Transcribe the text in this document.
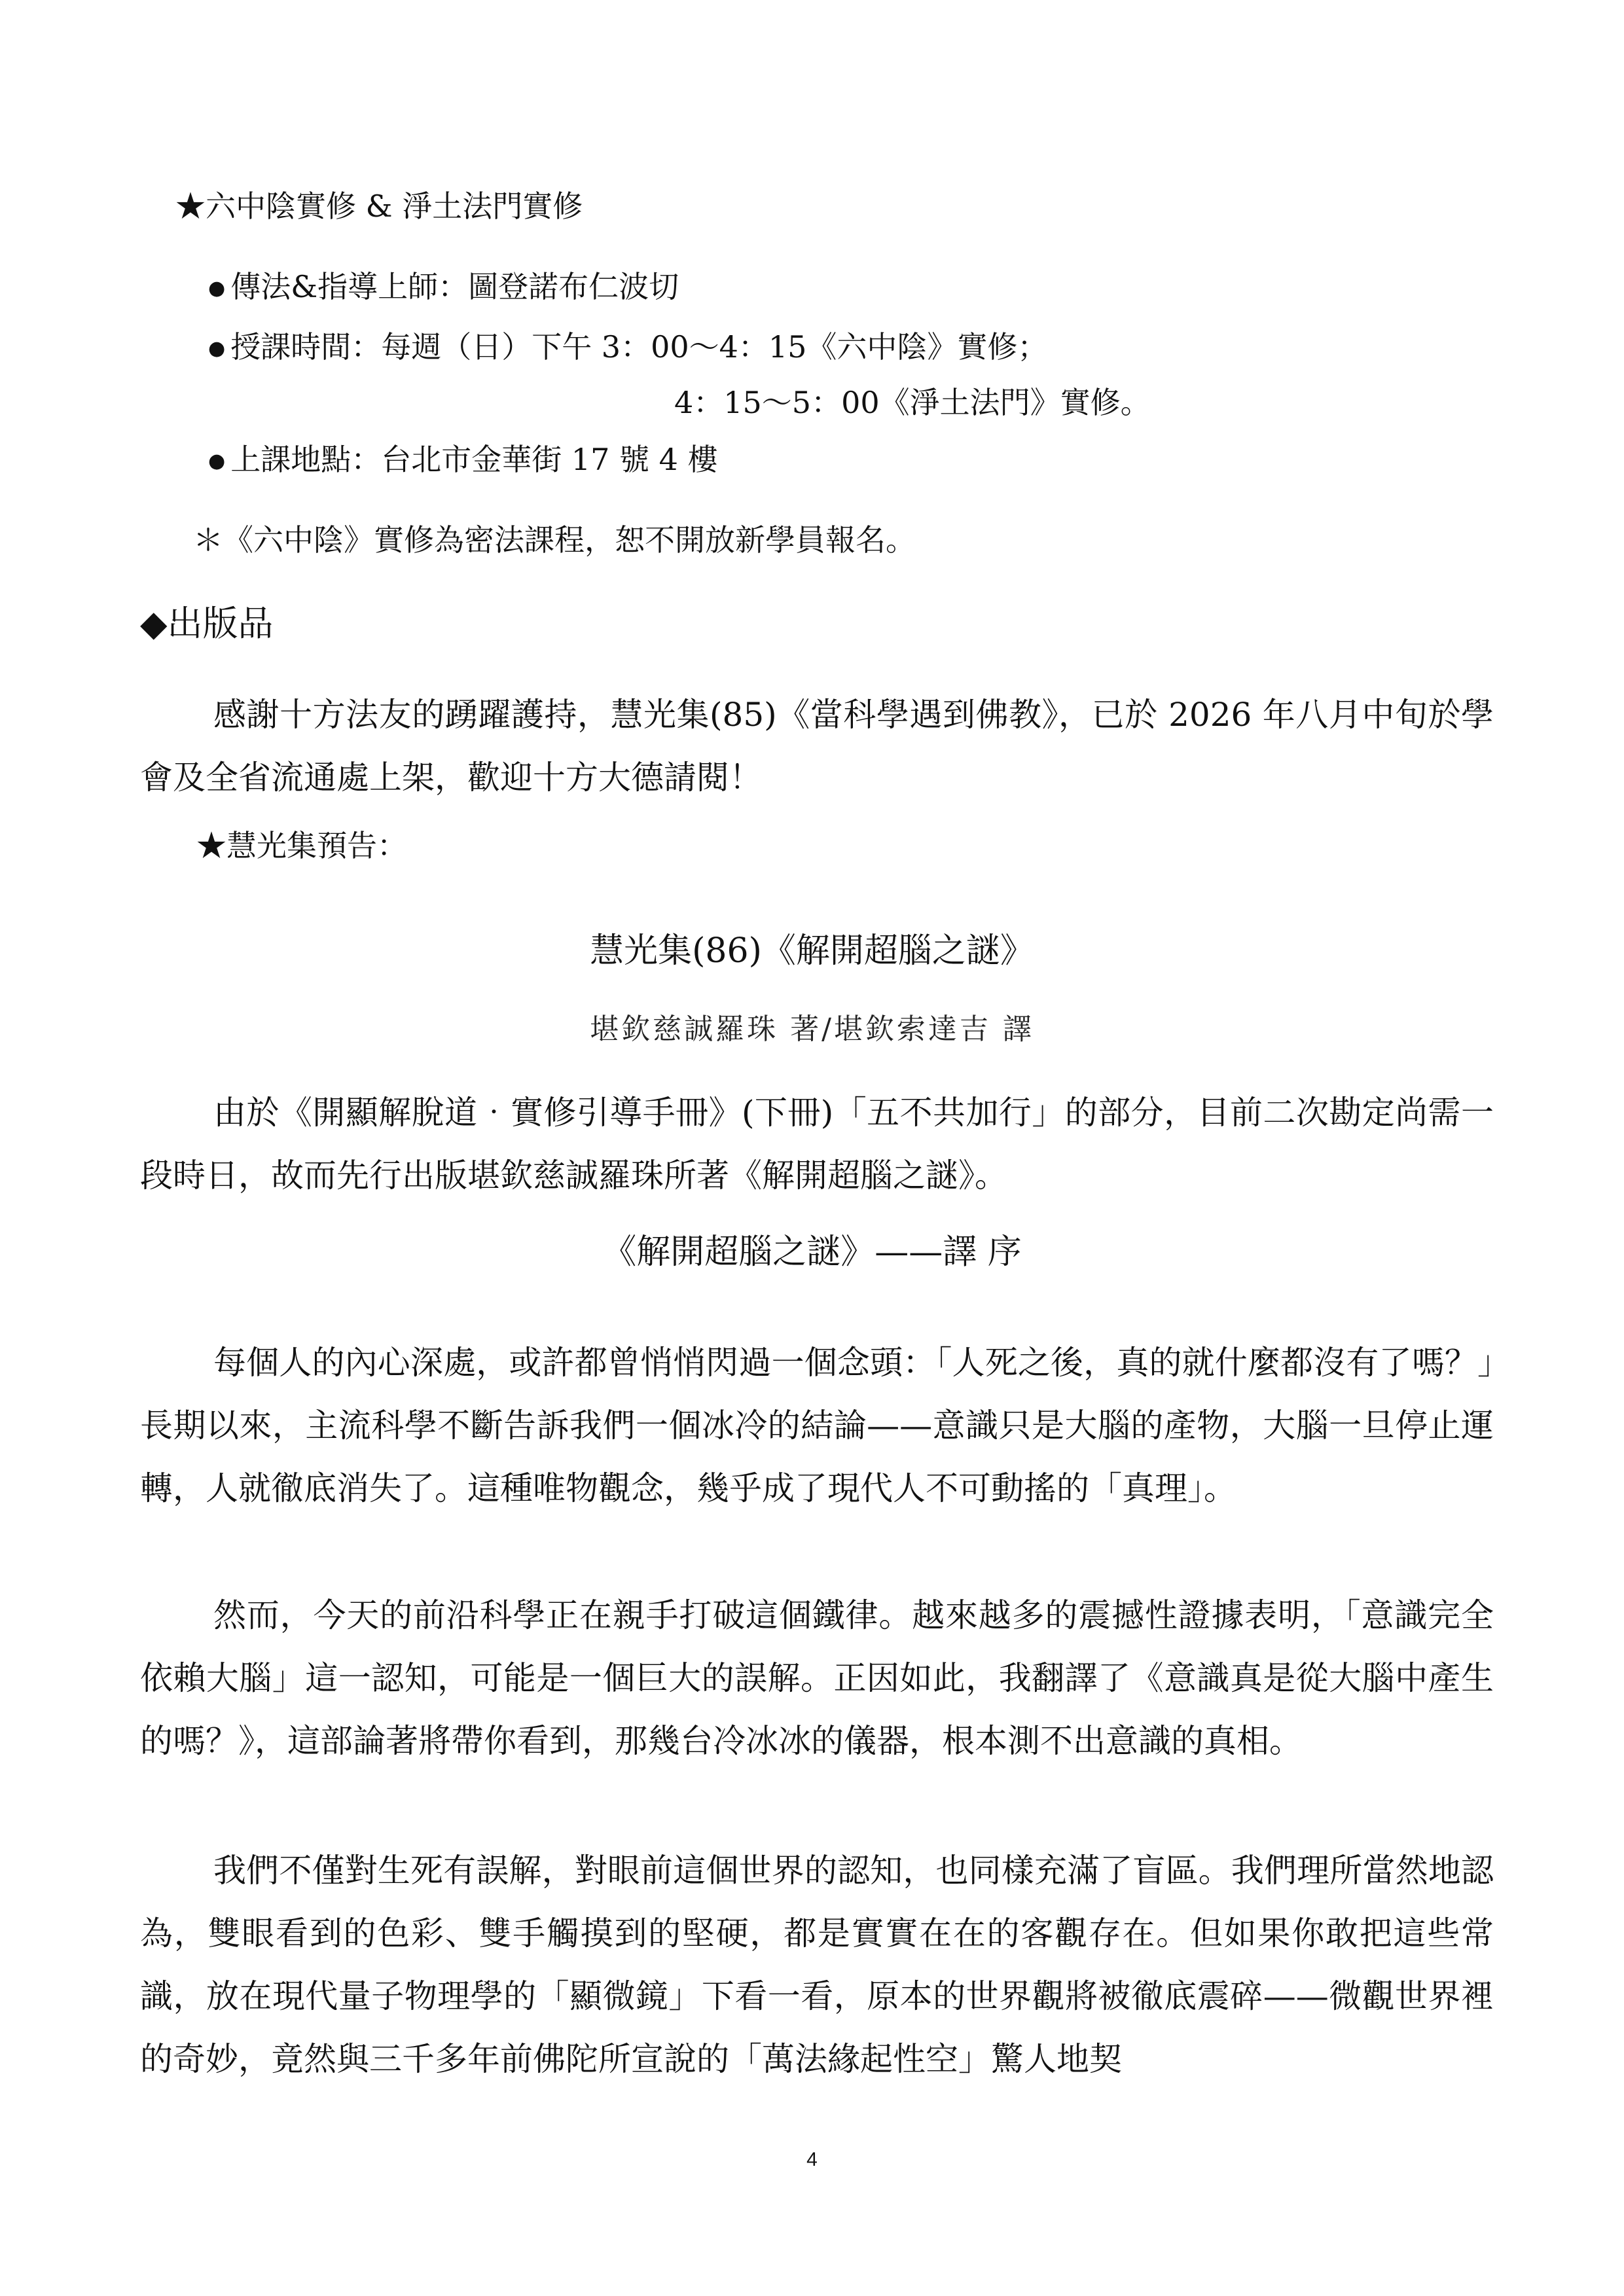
★六中陰實修 & 淨土法門實修
● 傳法&指導上師：圖登諾布仁波切
● 授課時間：每週（日）下午 3：00～4：15《六中陰》實修；
4：15～5：00《淨土法門》實修。
● 上課地點：台北市金華街 17 號 4 樓
＊《六中陰》實修為密法課程，恕不開放新學員報名。
◆出版品
感謝十方法友的踴躍護持，慧光集(85)《當科學遇到佛教》，已於 2026 年八月中旬於學會及全省流通處上架，歡迎十方大德請閱！
★慧光集預告：
慧光集(86)《解開超腦之謎》
堪欽慈誠羅珠 著/堪欽索達吉 譯
由於《開顯解脫道‧實修引導手冊》(下冊)「五不共加行」的部分，目前二次勘定尚需一段時日，故而先行出版堪欽慈誠羅珠所著《解開超腦之謎》。
《解開超腦之謎》——譯 序
每個人的內心深處，或許都曾悄悄閃過一個念頭：「人死之後，真的就什麼都沒有了嗎？」長期以來，主流科學不斷告訴我們一個冰冷的結論——意識只是大腦的產物，大腦一旦停止運轉，人就徹底消失了。這種唯物觀念，幾乎成了現代人不可動搖的「真理」。
然而，今天的前沿科學正在親手打破這個鐵律。越來越多的震撼性證據表明，「意識完全依賴大腦」這一認知，可能是一個巨大的誤解。正因如此，我翻譯了《意識真是從大腦中產生的嗎？》，這部論著將帶你看到，那幾台冷冰冰的儀器，根本測不出意識的真相。
我們不僅對生死有誤解，對眼前這個世界的認知，也同樣充滿了盲區。我們理所當然地認為，雙眼看到的色彩、雙手觸摸到的堅硬，都是實實在在的客觀存在。但如果你敢把這些常識，放在現代量子物理學的「顯微鏡」下看一看，原本的世界觀將被徹底震碎——微觀世界裡的奇妙，竟然與三千多年前佛陀所宣說的「萬法緣起性空」驚人地契
4
